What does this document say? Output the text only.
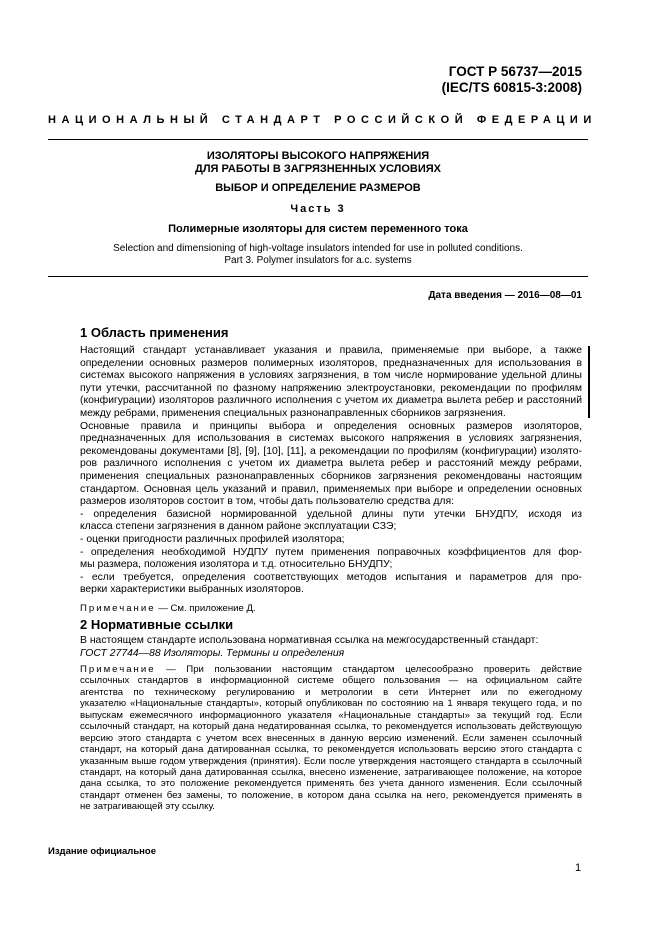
ГОСТ Р 56737—2015
(IEC/TS 60815-3:2008)
НАЦИОНАЛЬНЫЙ СТАНДАРТ РОССИЙСКОЙ ФЕДЕРАЦИИ
ИЗОЛЯТОРЫ ВЫСОКОГО НАПРЯЖЕНИЯ
ДЛЯ РАБОТЫ В ЗАГРЯЗНЕННЫХ УСЛОВИЯХ
ВЫБОР И ОПРЕДЕЛЕНИЕ РАЗМЕРОВ
Часть 3
Полимерные изоляторы для систем переменного тока
Selection and dimensioning of high-voltage insulators intended for use in polluted conditions.
Part 3. Polymer insulators for a.c. systems
Дата введения — 2016—08—01
1 Область применения
Настоящий стандарт устанавливает указания и правила, применяемые при выборе, а также
определении основных размеров полимерных изоляторов, предназначенных для использования в
системах высокого напряжения в условиях загрязнения, в том числе нормирование удельной длины
пути утечки, рассчитанной по фазному напряжению электроустановки, рекомендации по профилям
(конфигурации) изоляторов различного исполнения с учетом их диаметра вылета ребер и расстояний
между ребрами, применения специальных разнонаправленных сборников загрязнения.
Основные правила и принципы выбора и определения основных размеров изоляторов,
предназначенных для использования в системах высокого напряжения в условиях загрязнения,
рекомендованы документами [8], [9], [10], [11], а рекомендации по профилям (конфигурации) изолято-
ров различного исполнения с учетом их диаметра вылета ребер и расстояний между ребрами,
применения специальных разнонаправленных сборников загрязнения рекомендованы настоящим
стандартом. Основная цель указаний и правил, применяемых при выборе и определении основных
размеров изоляторов состоит в том, чтобы дать пользователю средства для:
- определения базисной нормированной удельной длины пути утечки БНУДПУ, исходя из
класса степени загрязнения в данном районе эксплуатации СЗЭ;
- оценки пригодности различных профилей изолятора;
- определения необходимой НУДПУ путем применения поправочных коэффициентов для фор-
мы размера, положения изолятора и т.д. относительно БНУДПУ;
- если требуется, определения соответствующих методов испытания и параметров для про-
верки характеристики выбранных изоляторов.
Примечание — См. приложение Д.
2 Нормативные ссылки
В настоящем стандарте использована нормативная ссылка на межгосударственный стандарт:
ГОСТ 27744—88 Изоляторы. Термины и определения
Примечание — При пользовании настоящим стандартом целесообразно проверить действие
ссылочных стандартов в информационной системе общего пользования — на официальном сайте
агентства по техническому регулированию и метрологии в сети Интернет или по ежегодному
указателю «Национальные стандарты», который опубликован по состоянию на 1 января текущего года, и по
выпускам ежемесячного информационного указателя «Национальные стандарты» за текущий год. Если
ссылочный стандарт, на который дана недатированная ссылка, то рекомендуется использовать действующую
версию этого стандарта с учетом всех внесенных в данную версию изменений. Если заменен ссылочный
стандарт, на который дана датированная ссылка, то рекомендуется использовать версию этого стандарта с
указанным выше годом утверждения (принятия). Если после утверждения настоящего стандарта в ссылочный
стандарт, на который дана датированная ссылка, внесено изменение, затрагивающее положение, на которое
дана ссылка, то это положение рекомендуется применять без учета данного изменения. Если ссылочный
стандарт отменен без замены, то положение, в котором дана ссылка на него, рекомендуется применять в
не затрагивающей эту ссылку.
Издание официальное
1
